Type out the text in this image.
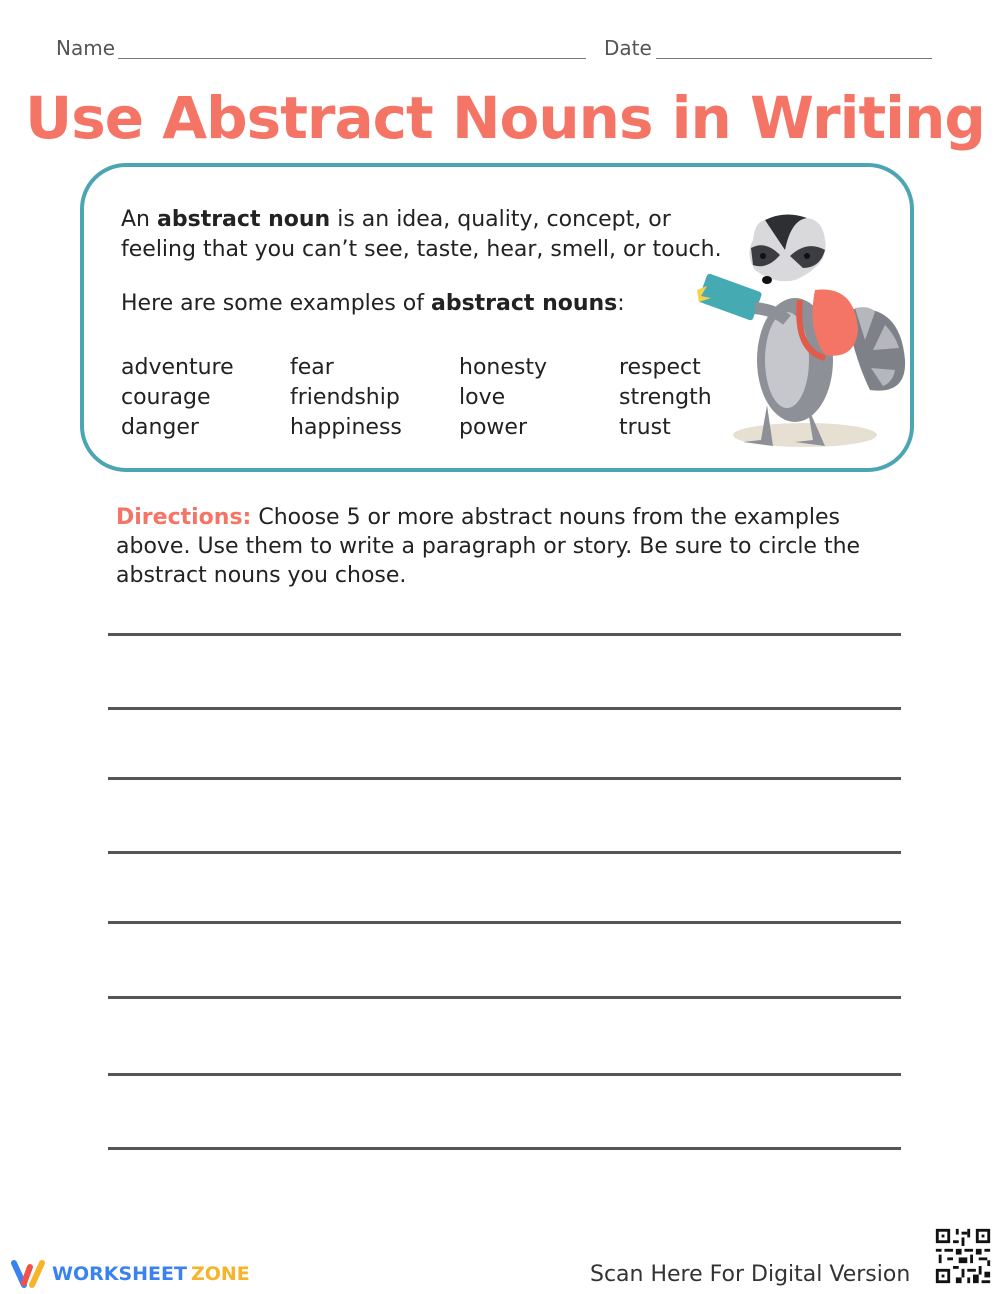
Name	Date
Use Abstract Nouns in Writing
An abstract noun is an idea, quality, concept, or feeling that you can’t see, taste, hear, smell, or touch.
Here are some examples of abstract nouns:
adventure
courage
danger
fear
friendship
happiness
honesty
love
power
respect
strength
trust
Directions: Choose 5 or more abstract nouns from the examples above. Use them to write a paragraph or story. Be sure to circle the abstract nouns you chose.
WORKSHEET ZONE	Scan Here For Digital Version
